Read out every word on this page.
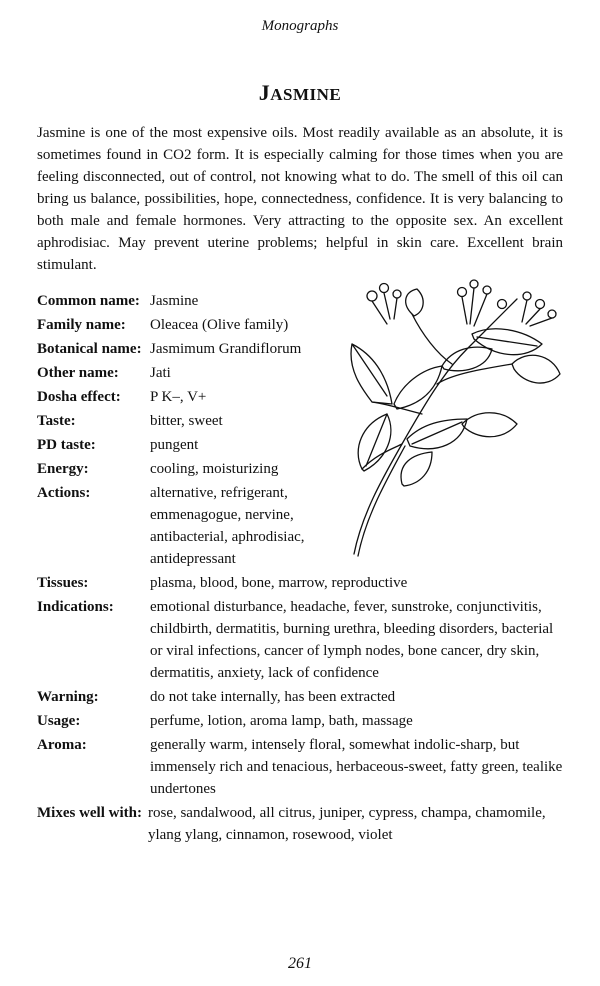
Monographs
JASMINE

Jasmine is one of the most expensive oils. Most readily available as an absolute, it is sometimes found in CO2 form. It is especially calming for those times when you are feeling disconnected, out of control, not knowing what to do. The smell of this oil can bring us balance, possibilities, hope, connectedness, confidence. It is very balancing to both male and female hormones. Very attracting to the opposite sex. An excellent aphrodisiac. May prevent uterine problems; helpful in skin care. Excellent brain stimulant.

Common name: Jasmine
Family name:	Oleacea (Olive family)
Botanical name: Jasmimum Grandiflorum
Other name:	Jati
Dosha effect:	P K–, V+
Taste:	bitter, sweet
PD taste:	pungent
Energy:	cooling, moisturizing
Actions:	alternative, refrigerant, emmenagogue, nervine, antibacterial, aphrodisiac, antidepressant
Tissues:	plasma, blood, bone, marrow, reproductive
Indications:	emotional disturbance, headache, fever, sunstroke, conjunctivitis, childbirth, dermatitis, burning urethra, bleeding disorders, bacterial or viral infections, cancer of lymph nodes, bone cancer, dry skin, dermatitis, anxiety, lack of confidence
Warning:	do not take internally, has been extracted
Usage:	perfume, lotion, aroma lamp, bath, massage
Aroma:	generally warm, intensely floral, somewhat indolic-sharp, but immensely rich and tenacious, herbaceous-sweet, fatty green, tealike undertones
Mixes well with: rose, sandalwood, all citrus, juniper, cypress, champa, chamomile, ylang ylang, cinnamon, rosewood, violet
261
